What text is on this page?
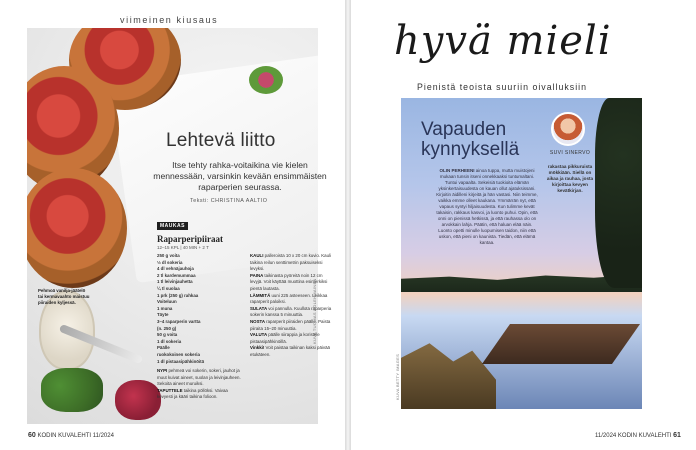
viimeinen kiusaus
Lehtevä liitto
Itse tehty rahka-voitaikina vie kielen mennessään, varsinkin kevään ensimmäisten raparperien seurassa.
Teksti: CHRISTINA AALTIO
MAUKAS
Raparperipiiraat
12–15 KPL | 40 MIN + 2 T
250 g voita
⅓ dl sokeria
4 dl vehnäjauhoja
2 tl kardemummaa
1 tl leivinjauhetta
¼ tl suolaa
1 prk (250 g) rahkaa
Voiteluun
1 muna
Täyte
3–4 raparperin vartta
(n. 250 g)
50 g voita
1 dl sokeria
Päälle
ruokokoinen sokeria
1 dl pistaasipähkinöitä
NYPI pehmeä voi sokerin, sokeri, jauhot ja muut kuivat aineet, suolan ja leivinjauheen. Sekoita aineet muruiksi.
TAPUTTELE taikina pöllöksi. Vaivaa kevyesti ja kääri taikina folioon.
KAULI palleroista 10 x 20 cm kuvio. Kauli taikina reilun senttimetrin paksuiseksi levyksi.
PAINA taikinasta pyöreitä noin 12 cm levyjä. Voit käyttää muottina esimerkiksi pientä lautasta.
LÄMMITÄ uuni 225 asteeseen. Leikkaa raparperit paloiksi.
SULATA voi pannulla. Kuullota raparperia sokerin kanssa 5 minuuttia.
NOSTA raparperit piiraiden päälle. Paista piiraita 15–20 minuuttia.
VALUTA päälle siirappia ja koristele pistaasipähkinöillä.
Vinkki! Voit paistaa taikinan kaksi päivää etukäteen.
Pehmoä vanilja-jäätelö tai kermavaahto maistuu piiraiden kyljessä.	KUVA TUOMAS KOLEHMAINEN
60 KODIN KUVALEHTI 11/2024
hyvä mieli
Pienistä teoista suuriin oivalluksiin
Vapauden kynnyksellä	SUVI SINERVO
rakastaa pikkuruista mökkiään. Siellä on aikaa ja rauhaa, josta kirjoittaa kevyen kevätkirjan.
OLIN PERHEENI ainoa tuppa, mutta muistojeni mukaan tunsin itseni onnekkaaksi tuntumaltani. Tuntui vapaalta. Sekeisiä tuokioita elämän yksinkertaisuudesta on kauan ollut ajatuksissani. Kirjoitin äidilleni kirjeitä ja hän vastasi. Niin teimme, vaikka emme olleet kaukana. Ymmärrän nyt, että vapaus syntyi hiljaisuudesta. Kun tulimme kevät takaisin, rakkaus kasvoi, ja luonto puhui. Opin, että onni on pienissä hetkissä, ja että rauhassa olo on arvokkain lahja. Päätin, että haluan elää näin. Luonto opetti minulle luopumisen taidon, niin että uskon, että pieni on kaunista. Tiedän, että elämä kantaa.
KUVA BETTY IMAGES
11/2024 KODIN KUVALEHTI 61
